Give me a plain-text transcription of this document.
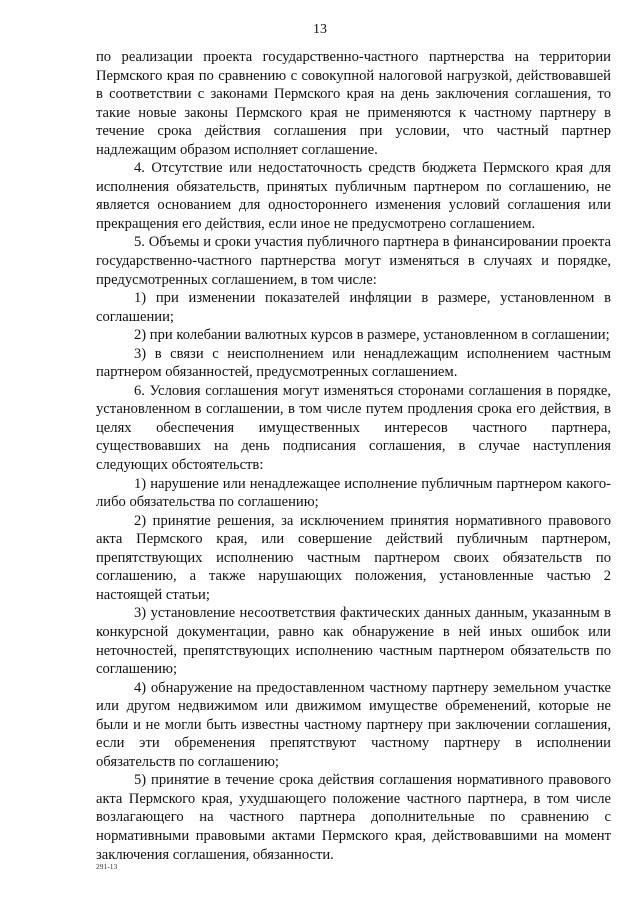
13

по реализации проекта государственно-частного партнерства на территории Пермского края по сравнению с совокупной налоговой нагрузкой, действовавшей в соответствии с законами Пермского края на день заключения соглашения, то такие новые законы Пермского края не применяются к частному партнеру в течение срока действия соглашения при условии, что частный партнер надлежащим образом исполняет соглашение.

4. Отсутствие или недостаточность средств бюджета Пермского края для исполнения обязательств, принятых публичным партнером по соглашению, не является основанием для одностороннего изменения условий соглашения или прекращения его действия, если иное не предусмотрено соглашением.

5. Объемы и сроки участия публичного партнера в финансировании проекта государственно-частного партнерства могут изменяться в случаях и порядке, предусмотренных соглашением, в том числе:

1) при изменении показателей инфляции в размере, установленном в соглашении;

2) при колебании валютных курсов в размере, установленном в соглашении;

3) в связи с неисполнением или ненадлежащим исполнением частным партнером обязанностей, предусмотренных соглашением.

6. Условия соглашения могут изменяться сторонами соглашения в порядке, установленном в соглашении, в том числе путем продления срока его действия, в целях обеспечения имущественных интересов частного партнера, существовавших на день подписания соглашения, в случае наступления следующих обстоятельств:

1) нарушение или ненадлежащее исполнение публичным партнером какого-либо обязательства по соглашению;

2) принятие решения, за исключением принятия нормативного правового акта Пермского края, или совершение действий публичным партнером, препятствующих исполнению частным партнером своих обязательств по соглашению, а также нарушающих положения, установленные частью 2 настоящей статьи;

3) установление несоответствия фактических данных данным, указанным в конкурсной документации, равно как обнаружение в ней иных ошибок или неточностей, препятствующих исполнению частным партнером обязательств по соглашению;

4) обнаружение на предоставленном частному партнеру земельном участке или другом недвижимом или движимом имуществе обременений, которые не были и не могли быть известны частному партнеру при заключении соглашения, если эти обременения препятствуют частному партнеру в исполнении обязательств по соглашению;

5) принятие в течение срока действия соглашения нормативного правового акта Пермского края, ухудшающего положение частного партнера, в том числе возлагающего на частного партнера дополнительные по сравнению с нормативными правовыми актами Пермского края, действовавшими на момент заключения соглашения, обязанности.

291-13
